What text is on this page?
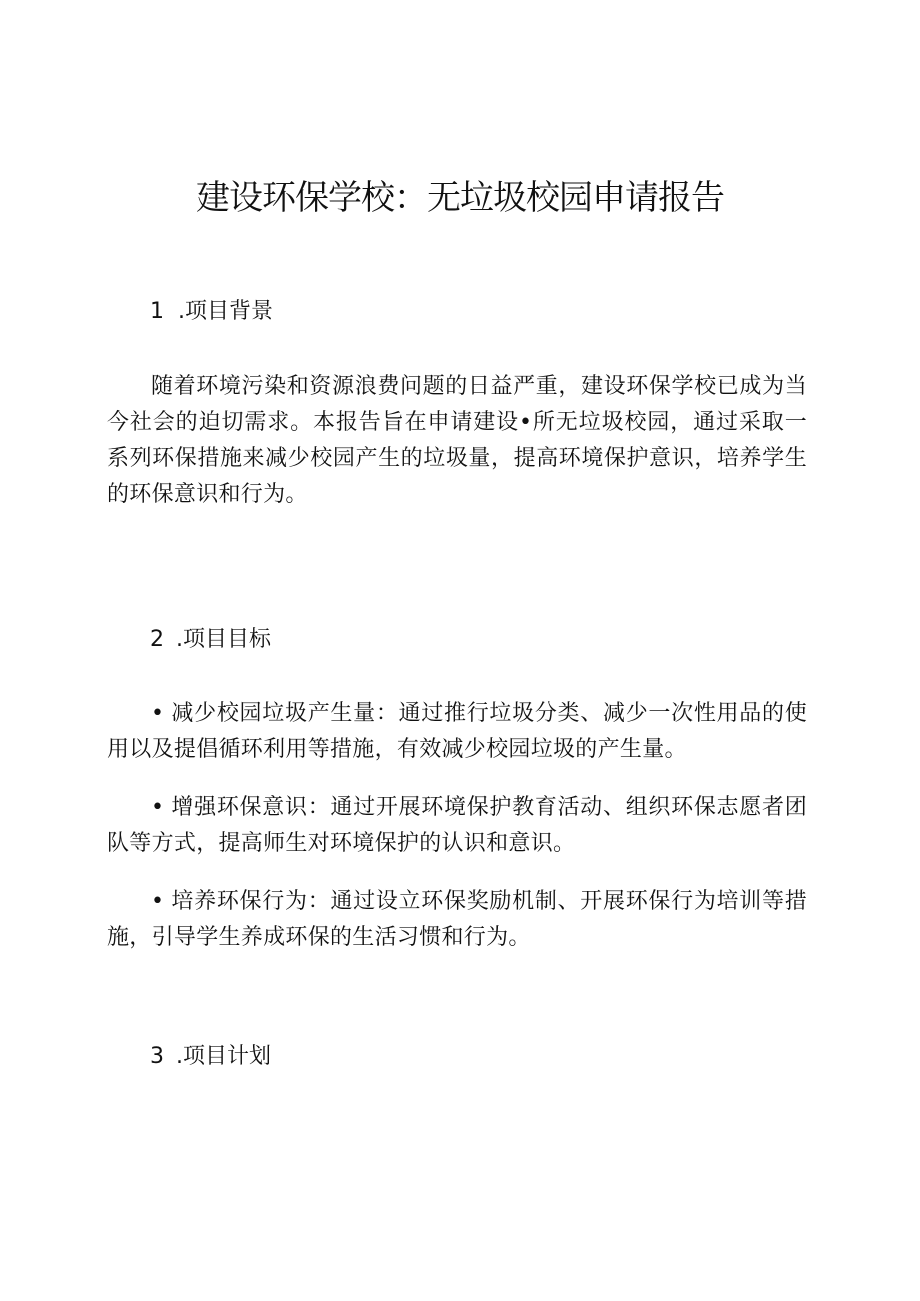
建设环保学校：无垃圾校园申请报告
1 .项目背景

随着环境污染和资源浪费问题的日益严重，建设环保学校已成为当今社会的迫切需求。本报告旨在申请建设•所无垃圾校园，通过采取一系列环保措施来减少校园产生的垃圾量，提高环境保护意识，培养学生的环保意识和行为。

2 .项目目标

• 减少校园垃圾产生量：通过推行垃圾分类、减少一次性用品的使用以及提倡循环利用等措施，有效减少校园垃圾的产生量。

• 增强环保意识：通过开展环境保护教育活动、组织环保志愿者团队等方式，提高师生对环境保护的认识和意识。

• 培养环保行为：通过设立环保奖励机制、开展环保行为培训等措施，引导学生养成环保的生活习惯和行为。

3 .项目计划
